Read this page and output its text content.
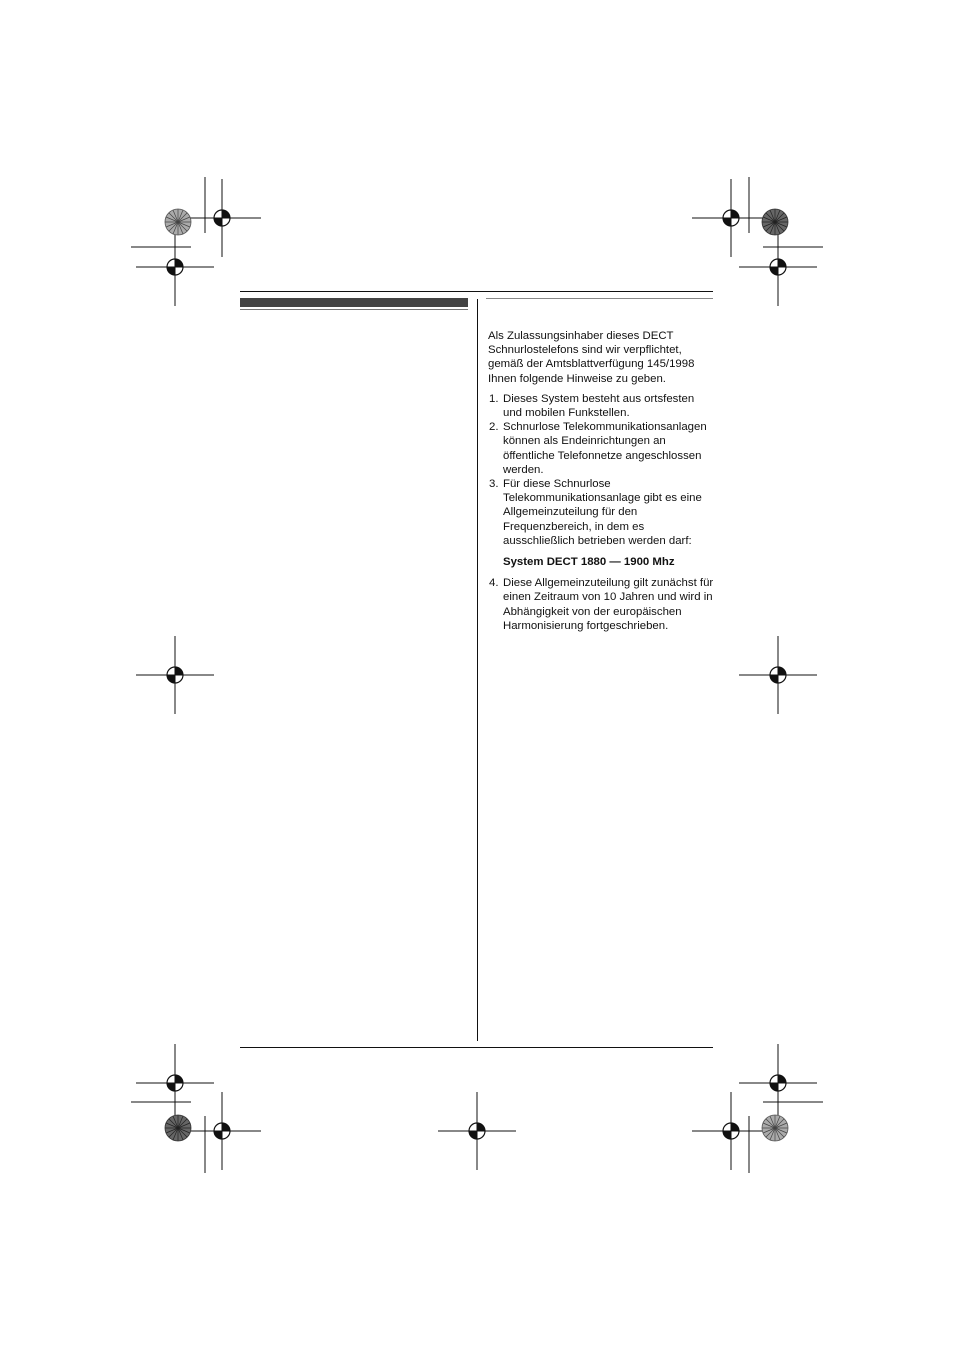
Als Zulassungsinhaber dieses DECT Schnurlostelefons sind wir verpflichtet, gemäß der Amtsblattverfügung 145/1998 Ihnen folgende Hinweise zu geben.

1. Dieses System besteht aus ortsfesten und mobilen Funkstellen.

2. Schnurlose Telekommunikationsanlagen können als Endeinrichtungen an öffentliche Telefonnetze angeschlossen werden.

3. Für diese Schnurlose Telekommunikationsanlage gibt es eine Allgemeinzuteilung für den Frequenzbereich, in dem es ausschließlich betrieben werden darf:

System DECT 1880 — 1900 Mhz

4. Diese Allgemeinzuteilung gilt zunächst für einen Zeitraum von 10 Jahren und wird in Abhängigkeit von der europäischen Harmonisierung fortgeschrieben.
